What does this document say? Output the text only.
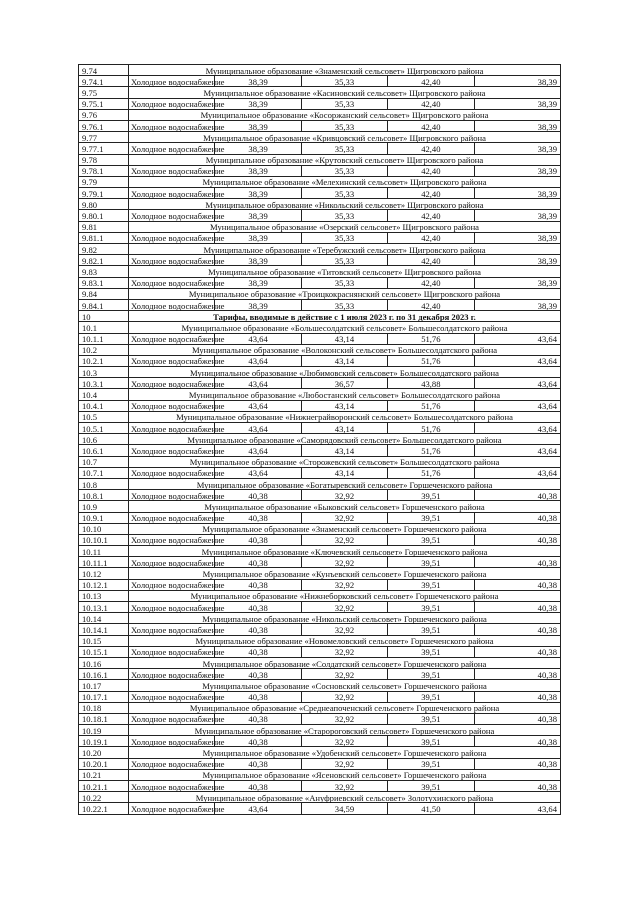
9.74	Муниципальное образование «Знаменский сельсовет» Щигровского района				
9.74.1	Холодное водоснабжение	38,39	35,33	42,40	38,39
9.75	Муниципальное образование «Касиновский сельсовет» Щигровского района				
9.75.1	Холодное водоснабжение	38,39	35,33	42,40	38,39
9.76	Муниципальное образование «Косоржанский сельсовет» Щигровского района				
9.76.1	Холодное водоснабжение	38,39	35,33	42,40	38,39
9.77	Муниципальное образование «Кривцовский сельсовет» Щигровского района				
9.77.1	Холодное водоснабжение	38,39	35,33	42,40	38,39
9.78	Муниципальное образование «Крутовский сельсовет» Щигровского района				
9.78.1	Холодное водоснабжение	38,39	35,33	42,40	38,39
9.79	Муниципальное образование «Мелехинский сельсовет» Щигровского района				
9.79.1	Холодное водоснабжение	38,39	35,33	42,40	38,39
9.80	Муниципальное образование «Никольский сельсовет» Щигровского района				
9.80.1	Холодное водоснабжение	38,39	35,33	42,40	38,39
9.81	Муниципальное образование «Озерский сельсовет» Щигровского района				
9.81.1	Холодное водоснабжение	38,39	35,33	42,40	38,39
9.82	Муниципальное образование «Теребужский сельсовет» Щигровского района				
9.82.1	Холодное водоснабжение	38,39	35,33	42,40	38,39
9.83	Муниципальное образование «Титовский сельсовет» Щигровского района				
9.83.1	Холодное водоснабжение	38,39	35,33	42,40	38,39
9.84	Муниципальное образование «Троицкокраснянский сельсовет» Щигровского района				
9.84.1	Холодное водоснабжение	38,39	35,33	42,40	38,39
10	Тарифы, вводимые в действие с 1 июля 2023 г. по 31 декабря 2023 г.				
10.1	Муниципальное образование «Большесолдатский сельсовет» Большесолдатского района				
10.1.1	Холодное водоснабжение	43,64	43,14	51,76	43,64
10.2	Муниципальное образование «Волоконский сельсовет» Большесолдатского района				
10.2.1	Холодное водоснабжение	43,64	43,14	51,76	43,64
10.3	Муниципальное образование «Любимовский сельсовет» Большесолдатского района				
10.3.1	Холодное водоснабжение	43,64	36,57	43,88	43,64
10.4	Муниципальное образование «Любостанский сельсовет» Большесолдатского района				
10.4.1	Холодное водоснабжение	43,64	43,14	51,76	43,64
10.5	Муниципальное образование «Нижнеграйворонский сельсовет» Большесолдатского района				
10.5.1	Холодное водоснабжение	43,64	43,14	51,76	43,64
10.6	Муниципальное образование «Саморядовский сельсовет» Большесолдатского района				
10.6.1	Холодное водоснабжение	43,64	43,14	51,76	43,64
10.7	Муниципальное образование «Сторожевский сельсовет» Большесолдатского района				
10.7.1	Холодное водоснабжение	43,64	43,14	51,76	43,64
10.8	Муниципальное образование «Богатыревский сельсовет» Горшеченского района				
10.8.1	Холодное водоснабжение	40,38	32,92	39,51	40,38
10.9	Муниципальное образование «Быковский сельсовет» Горшеченского района				
10.9.1	Холодное водоснабжение	40,38	32,92	39,51	40,38
10.10	Муниципальное образование «Знаменский сельсовет» Горшеченского района				
10.10.1	Холодное водоснабжение	40,38	32,92	39,51	40,38
10.11	Муниципальное образование «Ключевский сельсовет» Горшеченского района				
10.11.1	Холодное водоснабжение	40,38	32,92	39,51	40,38
10.12	Муниципальное образование «Кунъевский сельсовет» Горшеченского района				
10.12.1	Холодное водоснабжение	40,38	32,92	39,51	40,38
10.13	Муниципальное образование «Нижнеборковский сельсовет» Горшеченского района				
10.13.1	Холодное водоснабжение	40,38	32,92	39,51	40,38
10.14	Муниципальное образование «Никольский сельсовет» Горшеченского района				
10.14.1	Холодное водоснабжение	40,38	32,92	39,51	40,38
10.15	Муниципальное образование «Новомеловский сельсовет» Горшеченского района				
10.15.1	Холодное водоснабжение	40,38	32,92	39,51	40,38
10.16	Муниципальное образование «Солдатский сельсовет» Горшеченского района				
10.16.1	Холодное водоснабжение	40,38	32,92	39,51	40,38
10.17	Муниципальное образование «Сосновский сельсовет» Горшеченского района				
10.17.1	Холодное водоснабжение	40,38	32,92	39,51	40,38
10.18	Муниципальное образование «Среднеапоченский сельсовет» Горшеченского района				
10.18.1	Холодное водоснабжение	40,38	32,92	39,51	40,38
10.19	Муниципальное образование «Старороговский сельсовет» Горшеченского района				
10.19.1	Холодное водоснабжение	40,38	32,92	39,51	40,38
10.20	Муниципальное образование «Удобенский сельсовет» Горшеченского района				
10.20.1	Холодное водоснабжение	40,38	32,92	39,51	40,38
10.21	Муниципальное образование «Ясеновский сельсовет» Горшеченского района				
10.21.1	Холодное водоснабжение	40,38	32,92	39,51	40,38
10.22	Муниципальное образование «Ануфриевский сельсовет» Золотухинского района				
10.22.1	Холодное водоснабжение	43,64	34,59	41,50	43,64
